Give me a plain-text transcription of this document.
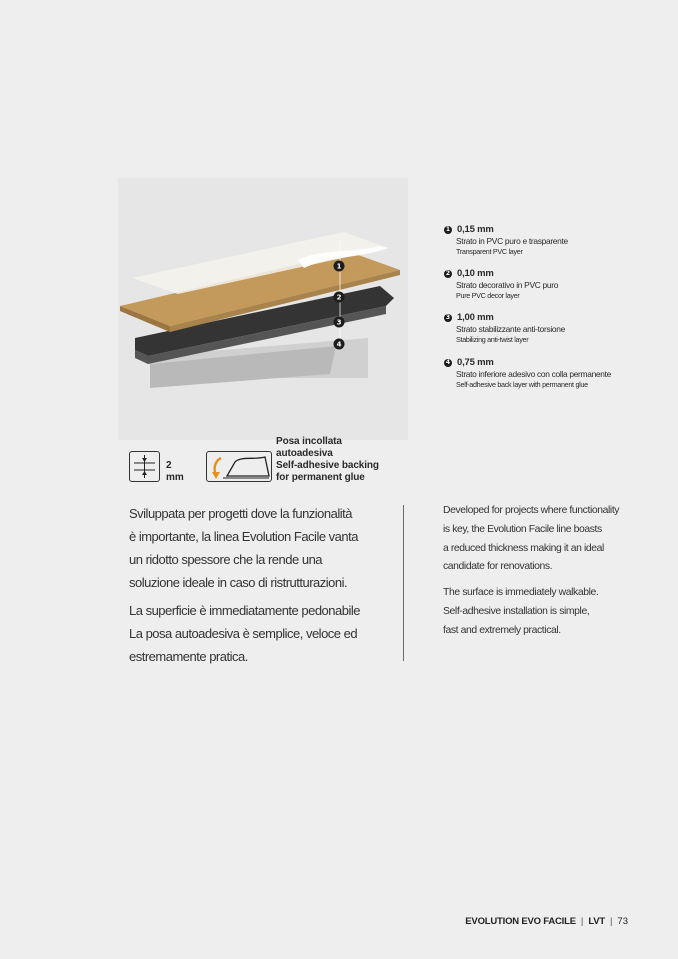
1
2
3
4
1 0,15 mm
Strato in PVC puro e trasparente
Transparent PVC layer
2 0,10 mm
Strato decorativo in PVC puro
Pure PVC decor layer
3 1,00 mm
Strato stabilizzante anti-torsione
Stabilizing anti-twist layer
4 0,75 mm
Strato inferiore adesivo con colla permanente
Self-adhesive back layer with permanent glue
2
mm
Posa incollata
autoadesiva
Self-adhesive backing
for permanent glue
Sviluppata per progetti dove la funzionalità
è importante, la linea Evolution Facile vanta
un ridotto spessore che la rende una
soluzione ideale in caso di ristrutturazioni.
La superficie è immediatamente pedonabile
La posa autoadesiva è semplice, veloce ed
estremamente pratica.
Developed for projects where functionality
is key, the Evolution Facile line boasts
a reduced thickness making it an ideal
candidate for renovations.
The surface is immediately walkable.
Self-adhesive installation is simple,
fast and extremely practical.
EVOLUTION EVO FACILE | LVT | 73
